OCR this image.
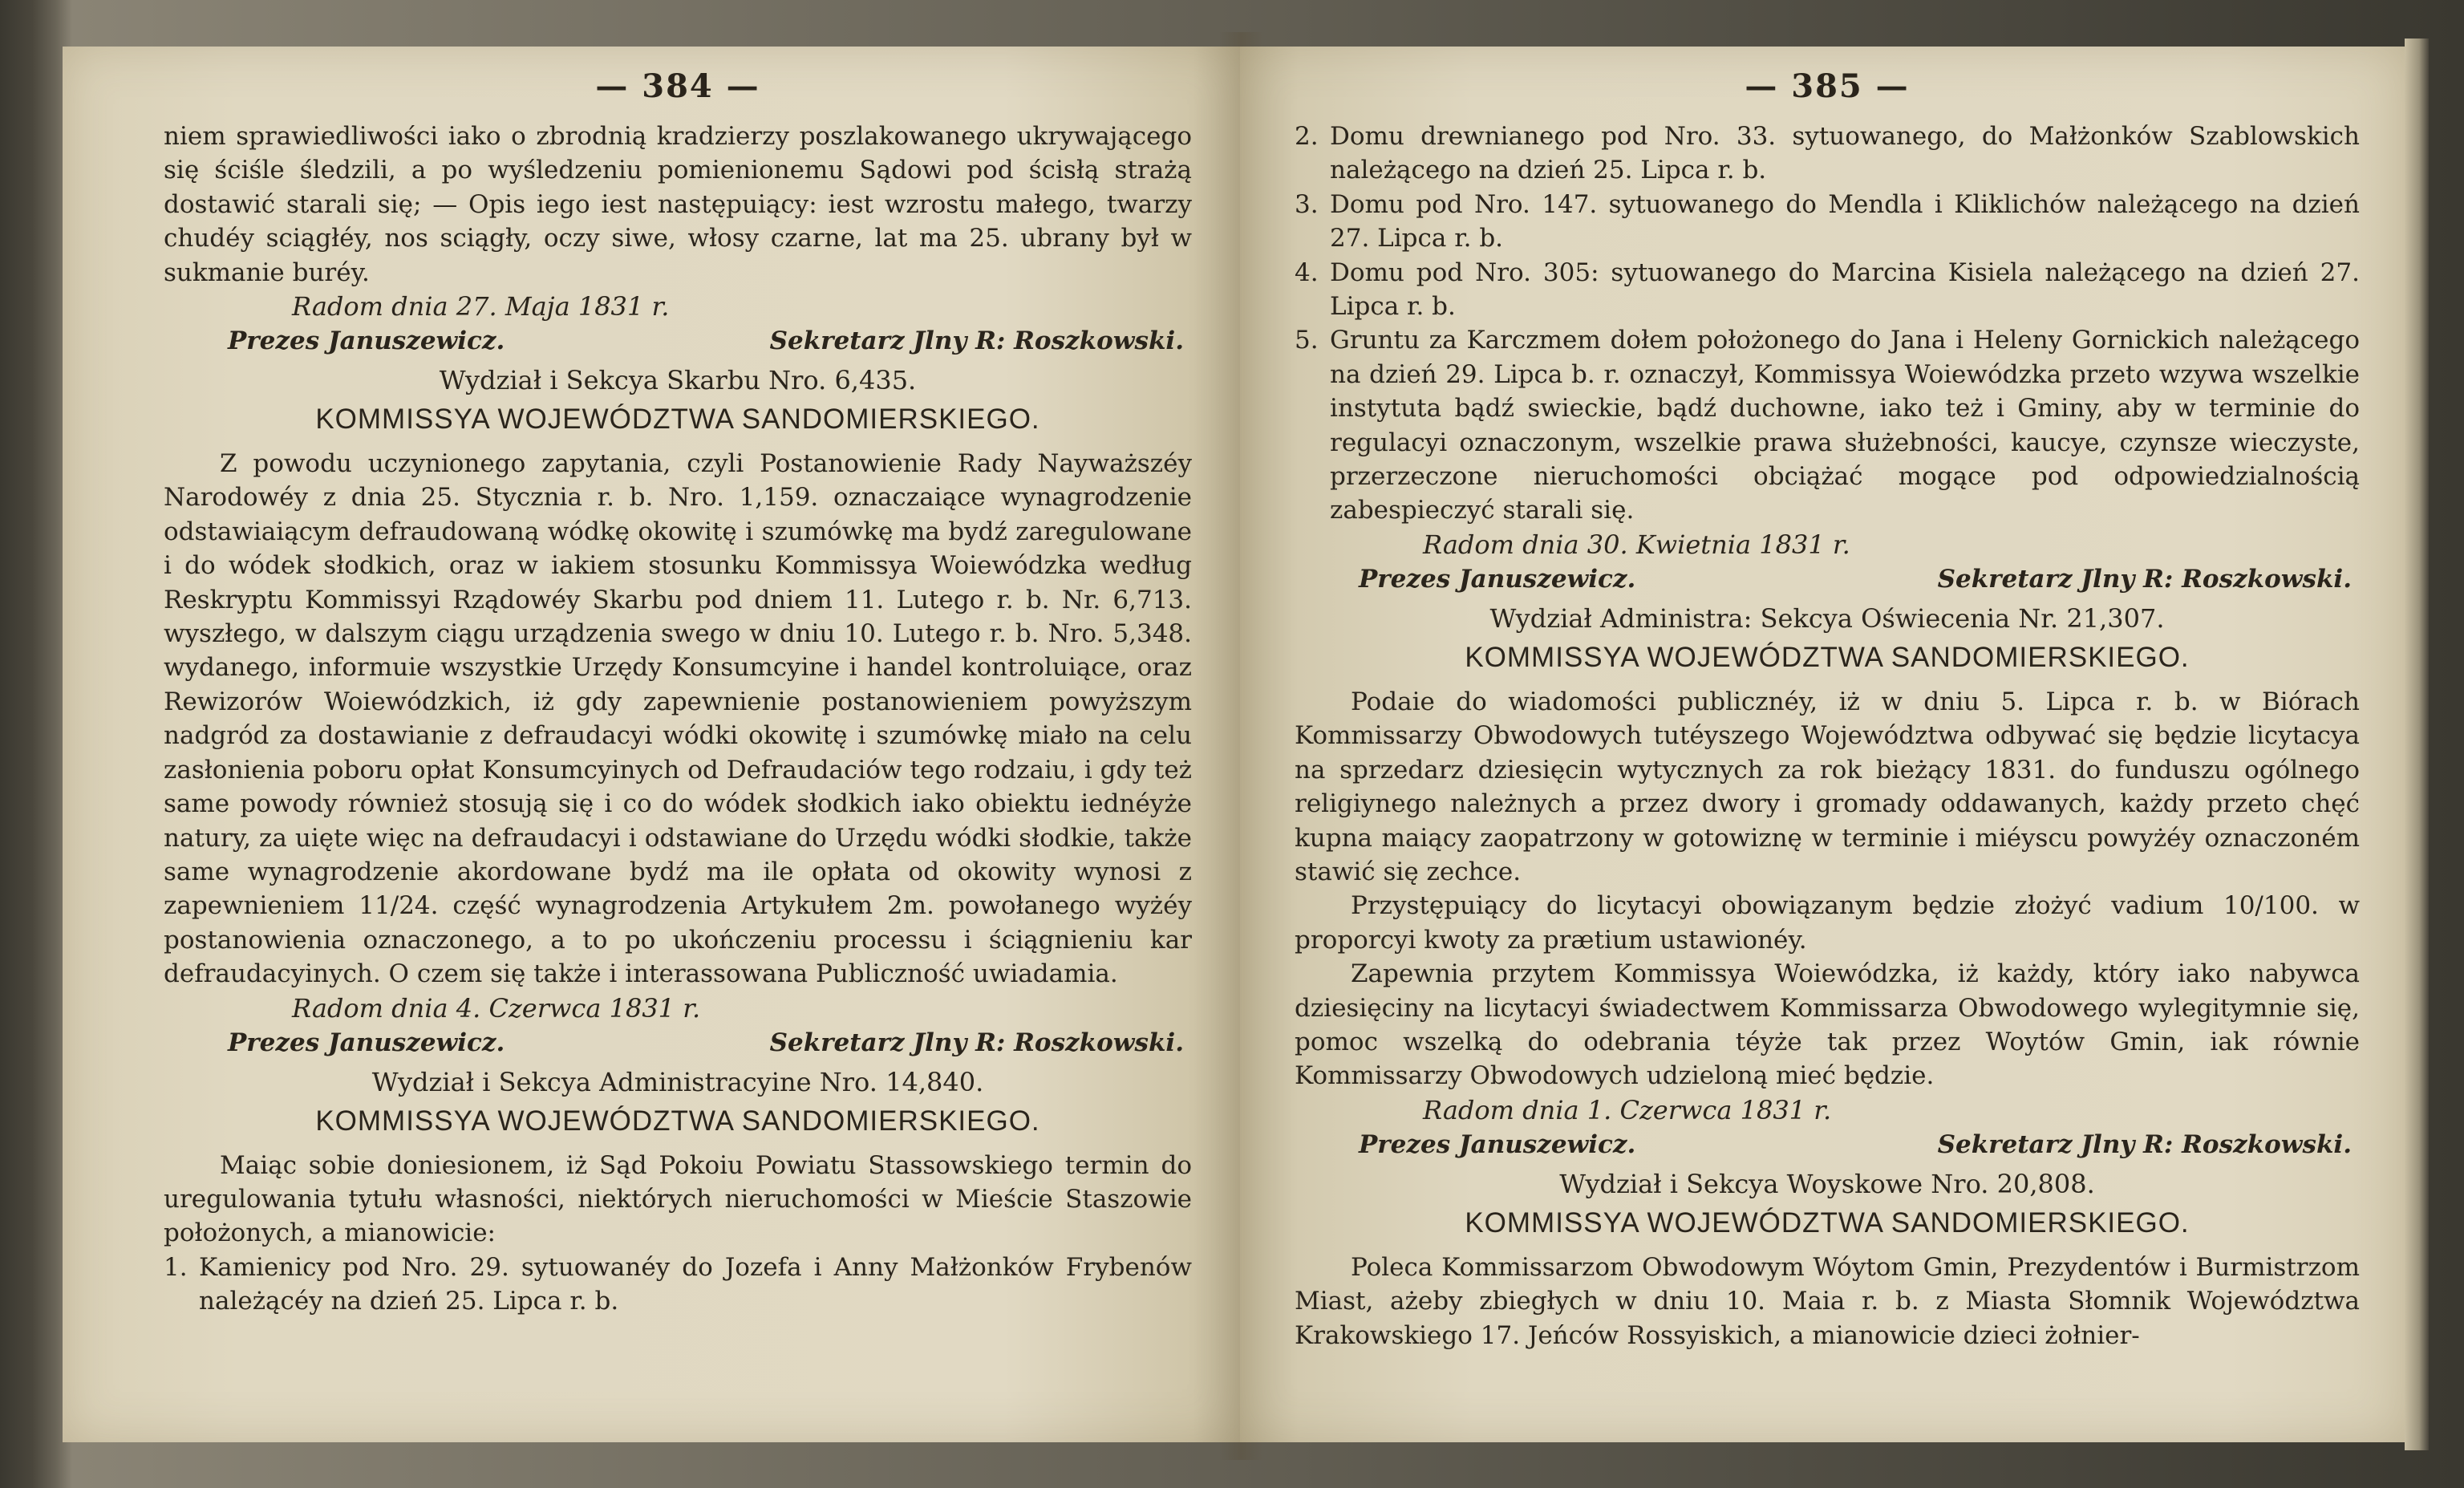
— 384 —

niem sprawiedliwości iako o zbrodnią kradzierzy poszlakowanego ukrywającego się ściśle śledzili, a po wyśledzeniu pomienionemu Sądowi pod ścisłą strażą dostawić starali się; — Opis iego iest następuiący: iest wzrostu małego, twarzy chudéy sciągłéy, nos sciągły, oczy siwe, włosy czarne, lat ma 25. ubrany był w sukmanie buréy.

Radom dnia 27. Maja 1831 r.
Prezes Januszewicz.	Sekretarz Jlny R: Roszkowski.
Wydział i Sekcya Skarbu Nro. 6,435.
KOMMISSYA WOJEWÓDZTWA SANDOMIERSKIEGO.

Z powodu uczynionego zapytania, czyli Postanowienie Rady Nayważszéy Narodowéy z dnia 25. Stycznia r. b. Nro. 1,159. oznaczaiące wynagrodzenie odstawiaiącym defraudowaną wódkę okowitę i szumówkę ma bydź zaregulowane i do wódek słodkich, oraz w iakiem stosunku Kommissya Woiewódzka według Reskryptu Kommissyi Rządowéy Skarbu pod dniem 11. Lutego r. b. Nr. 6,713. wyszłego, w dalszym ciągu urządzenia swego w dniu 10. Lutego r. b. Nro. 5,348. wydanego, informuie wszystkie Urzędy Konsumcyine i handel kontroluiące, oraz Rewizorów Woiewódzkich, iż gdy zapewnienie postanowieniem powyższym nadgród za dostawianie z defraudacyi wódki okowitę i szumówkę miało na celu zasłonienia poboru opłat Konsumcyinych od Defraudaciów tego rodzaiu, i gdy też same powody również stosują się i co do wódek słodkich iako obiektu iednéyże natury, za uięte więc na defraudacyi i odstawiane do Urzędu wódki słodkie, także same wynagrodzenie akordowane bydź ma ile opłata od okowity wynosi z zapewnieniem 11/24. część wynagrodzenia Artykułem 2m. powołanego wyżéy postanowienia oznaczonego, a to po ukończeniu processu i ściągnieniu kar defraudacyinych. O czem się także i interassowana Publiczność uwiadamia.

Radom dnia 4. Czerwca 1831 r.
Prezes Januszewicz.	Sekretarz Jlny R: Roszkowski.
Wydział i Sekcya Administracyine Nro. 14,840.
KOMMISSYA WOJEWÓDZTWA SANDOMIERSKIEGO.

Maiąc sobie doniesionem, iż Sąd Pokoiu Powiatu Stassowskiego termin do uregulowania tytułu własności, niektórych nieruchomości w Mieście Staszowie położonych, a mianowicie:

1. Kamienicy pod Nro. 29. sytuowanéy do Jozefa i Anny Małżonków Frybenów należącéy na dzień 25. Lipca r. b.
— 385 —
2. Domu drewnianego pod Nro. 33. sytuowanego, do Małżonków Szablowskich należącego na dzień 25. Lipca r. b.
3. Domu pod Nro. 147. sytuowanego do Mendla i Kliklichów należącego na dzień 27. Lipca r. b.
4. Domu pod Nro. 305: sytuowanego do Marcina Kisiela należącego na dzień 27. Lipca r. b.
5. Gruntu za Karczmem dołem położonego do Jana i Heleny Gornickich należącego na dzień 29. Lipca b. r. oznaczył, Kommissya Woiewódzka przeto wzywa wszelkie instytuta bądź swieckie, bądź duchowne, iako też i Gminy, aby w terminie do regulacyi oznaczonym, wszelkie prawa służebności, kaucye, czynsze wieczyste, przerzeczone nieruchomości obciążać mogące pod odpowiedzialnością zabespieczyć starali się.
Radom dnia 30. Kwietnia 1831 r.
Prezes Januszewicz.	Sekretarz Jlny R: Roszkowski.
Wydział Administra: Sekcya Oświecenia Nr. 21,307.
KOMMISSYA WOJEWÓDZTWA SANDOMIERSKIEGO.

Podaie do wiadomości publicznéy, iż w dniu 5. Lipca r. b. w Biórach Kommissarzy Obwodowych tutéyszego Województwa odbywać się będzie licytacya na sprzedarz dziesięcin wytycznych za rok bieżący 1831. do funduszu ogólnego religiynego należnych a przez dwory i gromady oddawanych, każdy przeto chęć kupna maiący zaopatrzony w gotowiznę w terminie i miéyscu powyżéy oznaczoném stawić się zechce.

Przystępuiący do licytacyi obowiązanym będzie złożyć vadium 10/100. w proporcyi kwoty za prætium ustawionéy.

Zapewnia przytem Kommissya Woiewódzka, iż każdy, który iako nabywca dziesięciny na licytacyi świadectwem Kommissarza Obwodowego wylegitymnie się, pomoc wszelką do odebrania téyże tak przez Woytów Gmin, iak równie Kommissarzy Obwodowych udzieloną mieć będzie.

Radom dnia 1. Czerwca 1831 r.
Prezes Januszewicz.	Sekretarz Jlny R: Roszkowski.
Wydział i Sekcya Woyskowe Nro. 20,808.
KOMMISSYA WOJEWÓDZTWA SANDOMIERSKIEGO.

Poleca Kommissarzom Obwodowym Wóytom Gmin, Prezydentów i Burmistrzom Miast, ażeby zbiegłych w dniu 10. Maia r. b. z Miasta Słomnik Województwa Krakowskiego 17. Jeńców Rossyiskich, a mianowicie dzieci żołnier-
